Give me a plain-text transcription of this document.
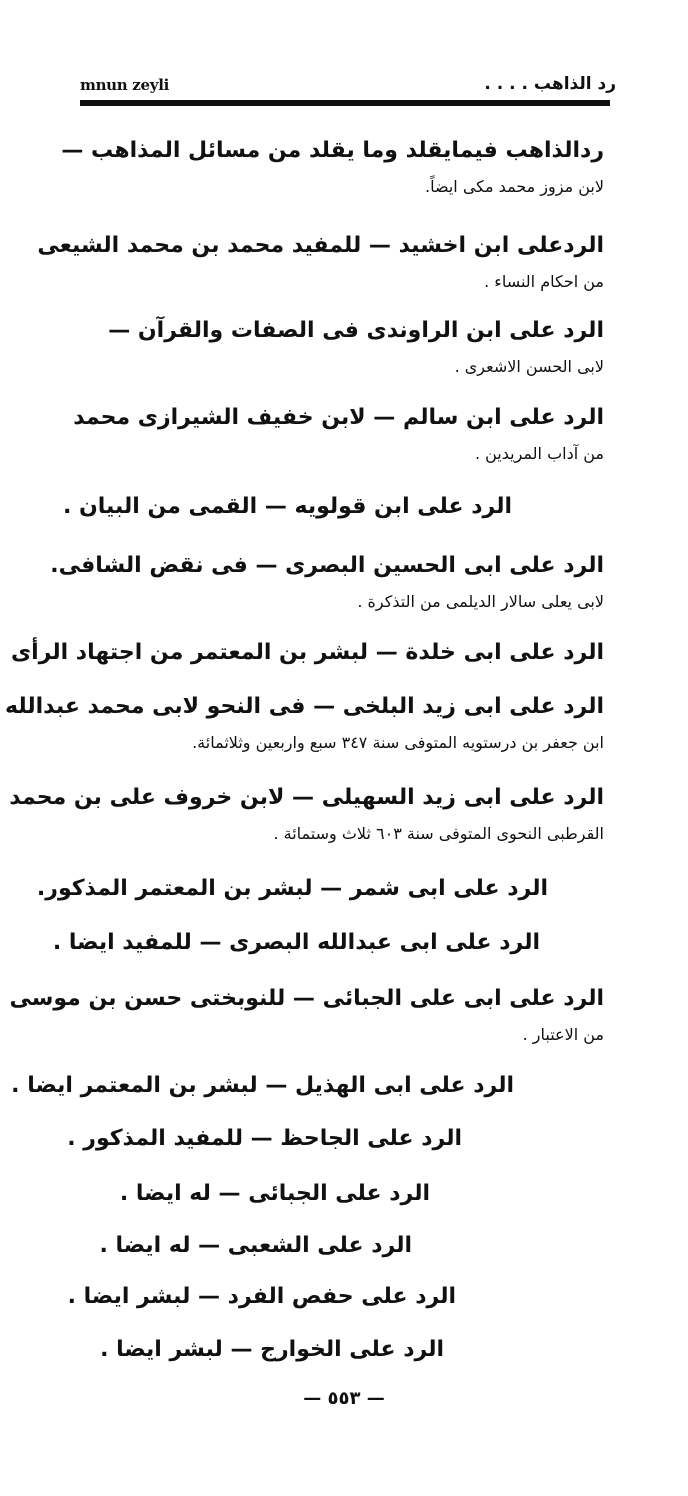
mnun zeyli	رد الذاهب . . . .
ردالذاهب فيمايقلد وما يقلد من مسائل المذاهب —
لابن مزوز محمد مكى ايضاً.
الردعلى ابن اخشيد — للمفيد محمد بن محمد الشيعى
من احكام النساء .
الرد على ابن الراوندى فى الصفات والقرآن —
لابى الحسن الاشعرى .
الرد على ابن سالم — لابن خفيف الشيرازى محمد
من آداب المريدين .
الرد على ابن قولويه — القمى من البيان .
الرد على ابى الحسين البصرى — فى نقض الشافى.
لابى يعلى سالار الديلمى من التذكرة .
الرد على ابى خلدة — لبشر بن المعتمر من اجتهاد الرأى
الرد على ابى زيد البلخى — فى النحو لابى محمد عبدالله
ابن جعفر بن درستويه المتوفى سنة ٣٤٧ سبع واربعين وثلاثمائة.
الرد على ابى زيد السهيلى — لابن خروف على بن محمد
القرطبى النحوى المتوفى سنة ٦٠٣ ثلاث وستمائة .
الرد على ابى شمر — لبشر بن المعتمر المذكور.
الرد على ابى عبدالله البصرى — للمفيد ايضا .
الرد على ابى على الجبائى — للنوبختى حسن بن موسى
من الاعتبار .
الرد على ابى الهذيل — لبشر بن المعتمر ايضا .
الرد على الجاحظ — للمفيد المذكور .
الرد على الجبائى — له ايضا .
الرد على الشعبى — له ايضا .
الرد على حفص الفرد — لبشر ايضا .
الرد على الخوارج — لبشر ايضا .
— ٥٥٣ —
